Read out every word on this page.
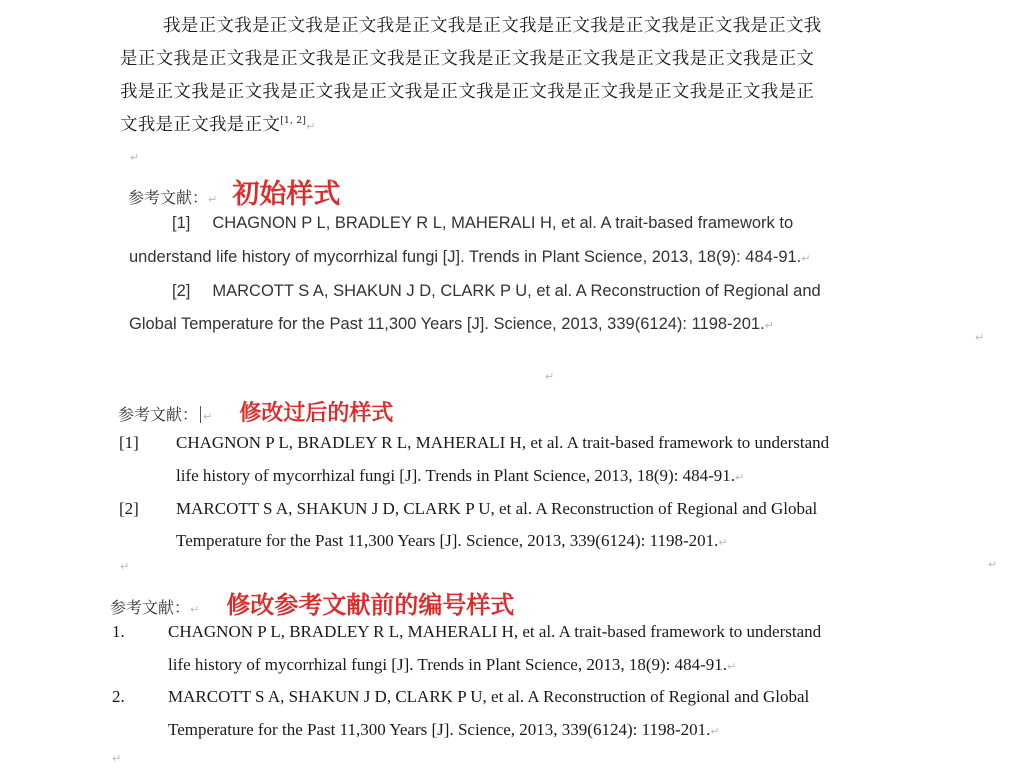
我是正文我是正文我是正文我是正文我是正文我是正文我是正文我是正文我是正文我
是正文我是正文我是正文我是正文我是正文我是正文我是正文我是正文我是正文我是正文
我是正文我是正文我是正文我是正文我是正文我是正文我是正文我是正文我是正文我是正
文我是正文我是正文[1, 2]↵
↵
参考文献：↵ 初始样式
[1] CHAGNON P L, BRADLEY R L, MAHERALI H, et al. A trait-based framework to
understand life history of mycorrhizal fungi [J]. Trends in Plant Science, 2013, 18(9): 484-91.↵
[2] MARCOTT S A, SHAKUN J D, CLARK P U, et al. A Reconstruction of Regional and
Global Temperature for the Past 11,300 Years [J]. Science, 2013, 339(6124): 1198-201.↵
↵
↵
参考文献： ↵ 修改过后的样式
[1] CHAGNON P L, BRADLEY R L, MAHERALI H, et al. A trait-based framework to understand
life history of mycorrhizal fungi [J]. Trends in Plant Science, 2013, 18(9): 484-91.↵
[2] MARCOTT S A, SHAKUN J D, CLARK P U, et al. A Reconstruction of Regional and Global
Temperature for the Past 11,300 Years [J]. Science, 2013, 339(6124): 1198-201.↵
↵	↵
参考文献：↵ 修改参考文献前的编号样式
1.	CHAGNON P L, BRADLEY R L, MAHERALI H, et al. A trait-based framework to understand
life history of mycorrhizal fungi [J]. Trends in Plant Science, 2013, 18(9): 484-91.↵
2.	MARCOTT S A, SHAKUN J D, CLARK P U, et al. A Reconstruction of Regional and Global
Temperature for the Past 11,300 Years [J]. Science, 2013, 339(6124): 1198-201.↵
↵
